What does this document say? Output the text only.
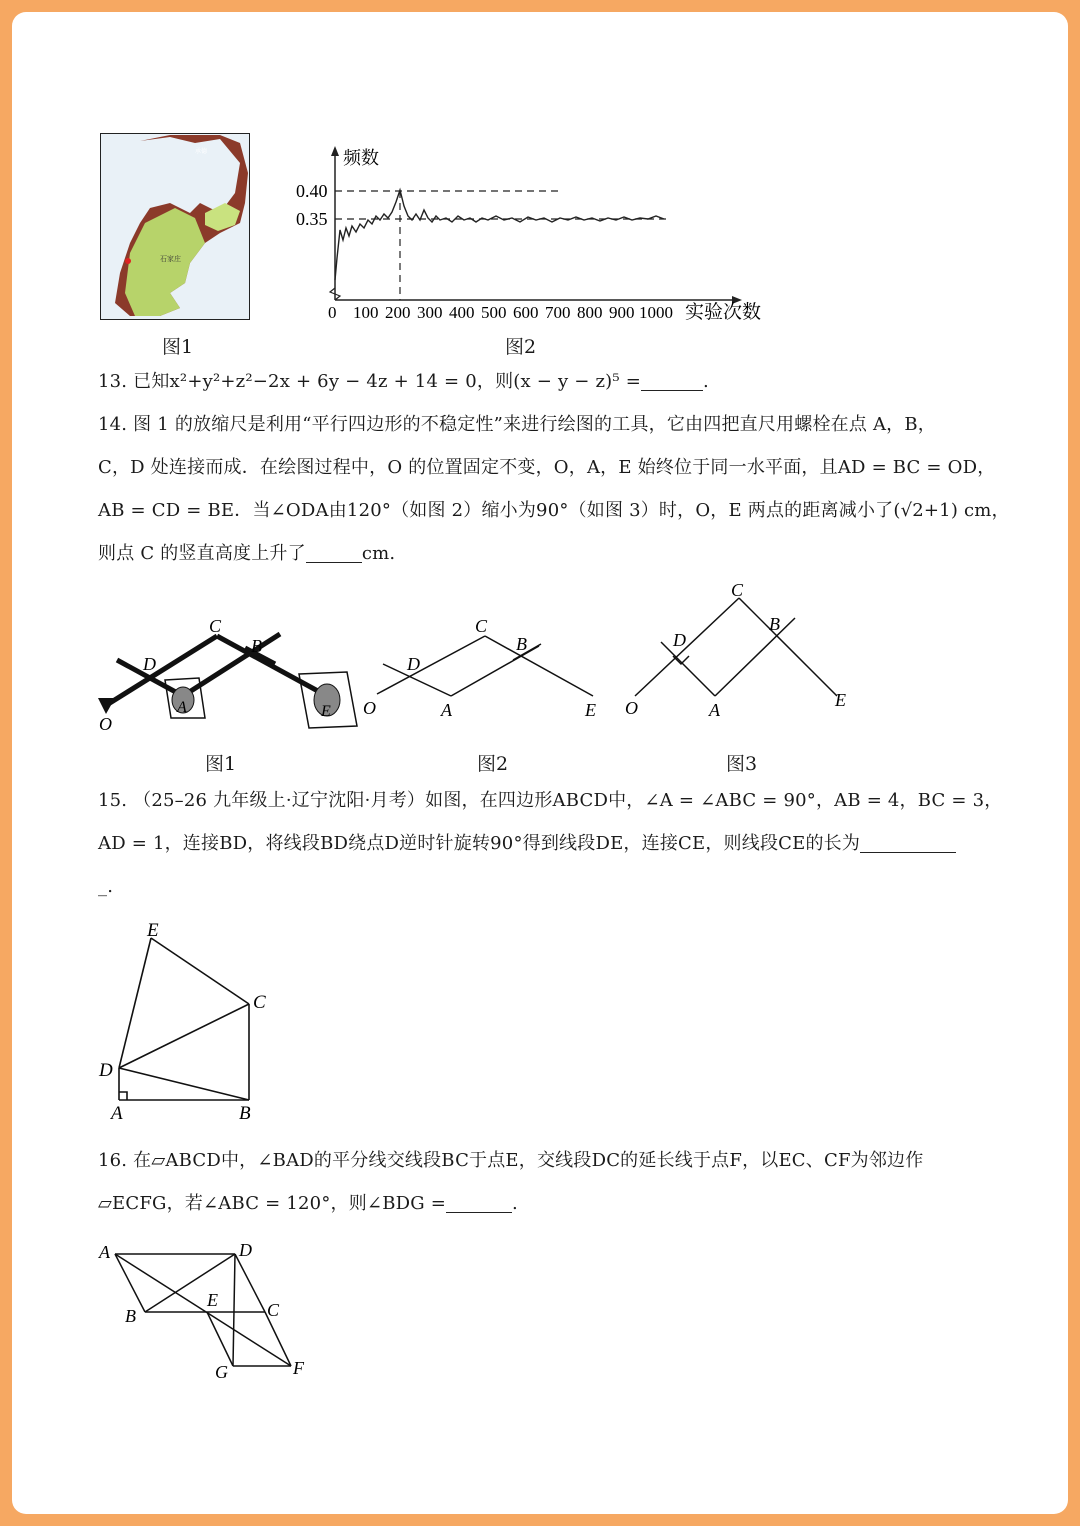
石家庄
承德
图1
0.40
0.35
频数
0 100 200 300 400 500 600 700 800 900 1000 实验次数
图2
13. 已知x²+y²+z²−2x + 6y − 4z + 14 = 0，则(x − y − z)⁵ =	.
14. 图 1 的放缩尺是利用“平行四边形的不稳定性”来进行绘图的工具，它由四把直尺用螺栓在点 A，B，
C，D 处连接而成．在绘图过程中，O 的位置固定不变，O，A，E 始终位于同一水平面，且AD = BC = OD，
AB = CD = BE．当∠ODA由120°（如图 2）缩小为90°（如图 3）时，O，E 两点的距离减小了(√2+1) cm，
则点 C 的竖直高度上升了	cm.
O
D
C
B
A	E O
D
C
B
A	E O
D
C
B
A	E
图1	图2	图3
15. （25–26 九年级上·辽宁沈阳·月考）如图，在四边形ABCD中，∠A = ∠ABC = 90°，AB = 4，BC = 3，
AD = 1，连接BD，将线段BD绕点D逆时针旋转90°得到线段DE，连接CE，则线段CE的长为
_.
E
C
D
A	B
16. 在▱ABCD中，∠BAD的平分线交线段BC于点E，交线段DC的延长线于点F，以EC、CF为邻边作
▱ECFG，若∠ABC = 120°，则∠BDG =	.
A	D
B
E	C
G	F
